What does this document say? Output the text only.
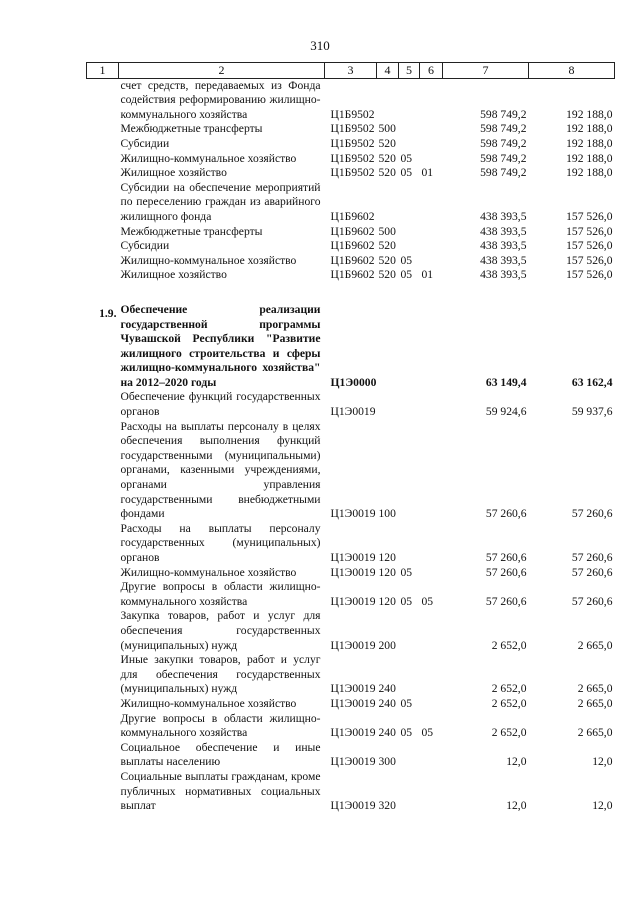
310
1	2	3	4	5	6	7	8
	счет средств, передаваемых из Фонда содействия реформированию жилищно-коммунального хозяйства	Ц1Б9502				598 749,2	192 188,0
	Межбюджетные трансферты	Ц1Б9502	500			598 749,2	192 188,0
	Субсидии	Ц1Б9502	520			598 749,2	192 188,0
	Жилищно-коммунальное хозяйство	Ц1Б9502	520	05		598 749,2	192 188,0
	Жилищное хозяйство	Ц1Б9502	520	05	01	598 749,2	192 188,0
	Субсидии на обеспечение мероприятий по переселению граждан из аварийного жилищного фонда	Ц1Б9602				438 393,5	157 526,0
	Межбюджетные трансферты	Ц1Б9602	500			438 393,5	157 526,0
	Субсидии	Ц1Б9602	520			438 393,5	157 526,0
	Жилищно-коммунальное хозяйство	Ц1Б9602	520	05		438 393,5	157 526,0
	Жилищное хозяйство	Ц1Б9602	520	05	01	438 393,5	157 526,0

1.9.	Обеспечение реализации государственной программы Чувашской Республики "Развитие жилищного строительства и сферы жилищно-коммунального хозяйства" на 2012–2020 годы	Ц1Э0000				63 149,4	63 162,4
	Обеспечение функций государственных органов	Ц1Э0019				59 924,6	59 937,6
	Расходы на выплаты персоналу в целях обеспечения выполнения функций государственными (муниципальными) органами, казенными учреждениями, органами управления государственными внебюджетными фондами	Ц1Э0019	100			57 260,6	57 260,6
	Расходы на выплаты персоналу государственных (муниципальных) органов	Ц1Э0019	120			57 260,6	57 260,6
	Жилищно-коммунальное хозяйство	Ц1Э0019	120	05		57 260,6	57 260,6
	Другие вопросы в области жилищно-коммунального хозяйства	Ц1Э0019	120	05	05	57 260,6	57 260,6
	Закупка товаров, работ и услуг для обеспечения государственных (муниципальных) нужд	Ц1Э0019	200			2 652,0	2 665,0
	Иные закупки товаров, работ и услуг для обеспечения государственных (муниципальных) нужд	Ц1Э0019	240			2 652,0	2 665,0
	Жилищно-коммунальное хозяйство	Ц1Э0019	240	05		2 652,0	2 665,0
	Другие вопросы в области жилищно-коммунального хозяйства	Ц1Э0019	240	05	05	2 652,0	2 665,0
	Социальное обеспечение и иные выплаты населению	Ц1Э0019	300			12,0	12,0
	Социальные выплаты гражданам, кроме публичных нормативных социальных выплат	Ц1Э0019	320			12,0	12,0
